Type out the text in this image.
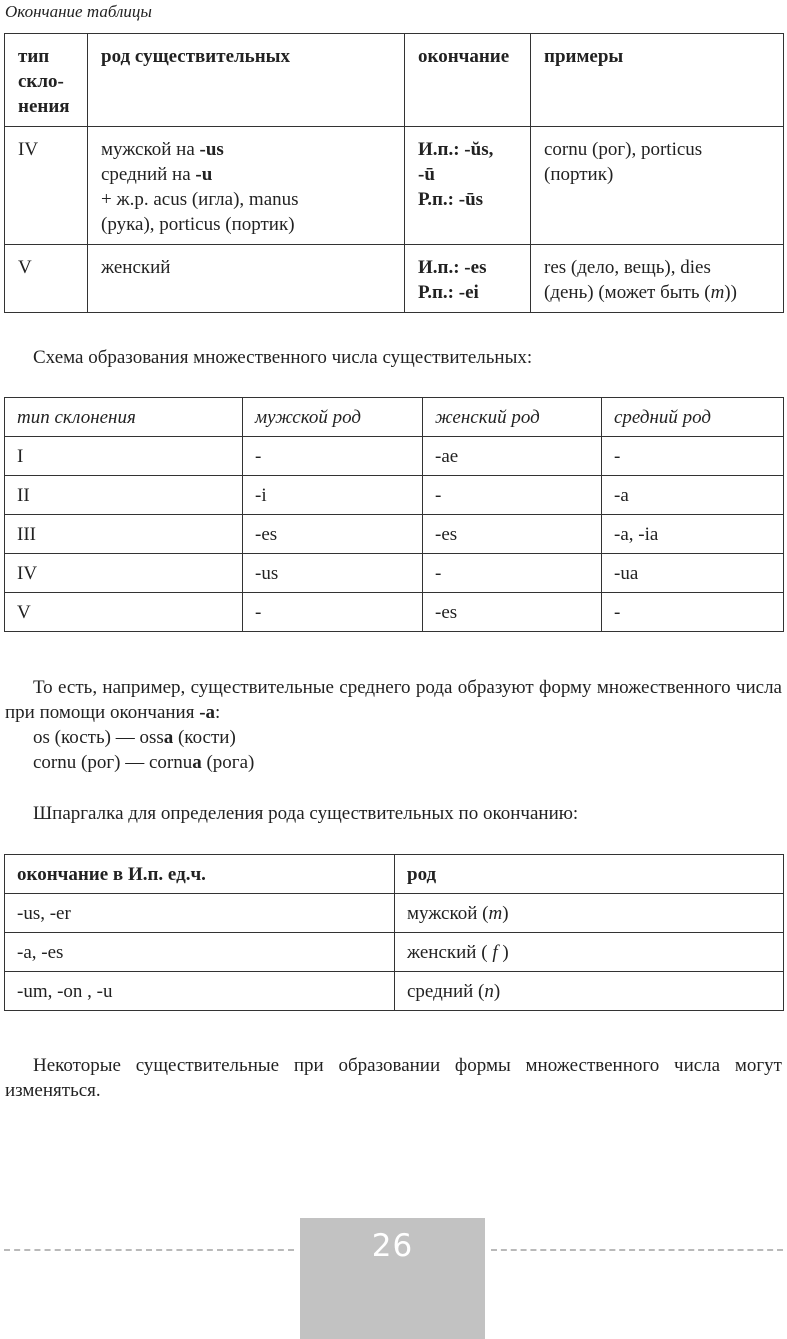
Окончание таблицы
тип
скло-
нения	род существительных	окончание	примеры
IV	мужской на -us
средний на -u
+ ж.р. acus (игла), manus
(рука), porticus (портик)	И.п.: -ŭs,
-ū
Р.п.: -ūs	cornu (рог), porticus
(портик)

V	женский	И.п.: -es
Р.п.: -ei	res (дело, вещь), dies
(день) (может быть (m))
Схема образования множественного числа существительных:
тип склонения	мужской род	женский род	средний род
I	-	-ae	-
II	-i	-	-a
III	-es	-es	-a, -ia
IV	-us	-	-ua
V	-	-es	-
То есть, например, существительные среднего рода образуют форму множественного числа при помощи окончания -a:
os (кость) — ossa (кости)
cornu (рог) — cornua (рога)
Шпаргалка для определения рода существительных по окончанию:
окончание в И.п. ед.ч.	род
-us, -er	мужской (m)
-a, -es	женский ( f )
-um, -on , -u	средний (n)
Некоторые существительные при образовании формы множественного числа могут изменяться.
26
